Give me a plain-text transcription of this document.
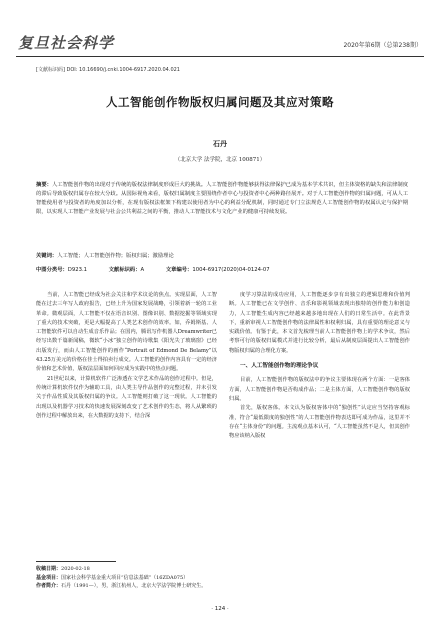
复旦社会科学	2020年第6期（总第238期）
[文献标识码] DOI: 10.16690/j.cnki.1004-6917.2020.04.021
人工智能创作物版权归属问题及其应对策略
石丹
（北京大学 法学院，北京 100871）
摘要：人工智能创作物的出现对于传统的版权法律制度形成巨大的挑战。人工智能创作物能够获得法律保护已成为基本学术共识，但主体资格的缺失和法律制度的滞后导致版权归属存在较大分歧。从国际视角来看，版权归属制度主要围绕作者中心与投资者中心两种路径展开。对于人工智能创作物的归属问题，可从人工智能使用者与投资者的角度加以分析，在现有版权法框架下构建以使用者为中心的利益分配机制，同时通过专门立法规范人工智能创作物的权属认定与保护期限，以实现人工智能产业发展与社会公共利益之间的平衡，推动人工智能技术与文化产业的健康可持续发展。
关键词：人工智能；人工智能创作物；版权归属；激励理论
中图分类号：D923.1	文献标识码：A	文章编号：1004-6917(2020)04-0124-07

当前，人工智能已经成为社会关注和学术议论的焦点。实现层面，人工智能在过去三年写人政府报告，已经上升为国家发展战略，引领着新一轮的工业革命。微观层面，人工智能不仅在语音识别、图像识别、数据挖掘等领域实现了重大的技术突破，更是大幅提高了人类艺术创作的效率。如，乔姆斯基、人工智能软件可以自动生成音乐作品；在国内，腾讯写作机器人Dreamwriter已经写出数千篇新闻稿，微软“小冰”独立创作的诗歌集《阳光失了玻璃窗》已经出版发行，而由人工智能创作的画作“Portrait of Edmond De Belamy”以43.25万美元的价格在佳士得拍卖行成交。人工智能的创作内容具有一定的经济价值和艺术价值，版权法层面如何回应成为实践中的热点问题。

21世纪以来，计算机软件广泛渗透在文学艺术作品的创作过程中。但是，传统计算机软件仅作为辅助工具，由人类主导作品创作的完整过程，并未引发关于作品性质及其版权归属的争议。人工智能则打破了这一现状。人工智能的出现以及机器学习技术的快速发展深刻改变了艺术创作的生态，将人从繁琐的创作过程中解放出来，在大数据的支持下，结合深

度学习算法的成功应用，人工智能逐步享有出独立的逻辑思维和价值判断。人工智能已在文学创作、音乐和影视领域表现出独特的创作能力和创造力，人工智能生成内容已经越来越多地出现在人们的日常生活中。在此背景下，重新审视人工智能创作物的法律属性和权利归属，具有重要的理论意义与实践价值。有鉴于此，本文首先梳理当前人工智能创作物上的学术争议，然后考察可行的版权归属模式并进行比较分析，最后从制度层面提出人工智能创作物版权归属的合理化方案。

一、人工智能创作物的理论争议

目前，人工智能创作物的版权法中的争议主要体现在两个方面：一是客体方面，人工智能创作物是否构成作品；二是主体方面，人工智能创作物的版权归属。

首先，版权客体。本文认为版权客体中的“独创性”认定应当坚持客观标准，符合“最低限度的独创性”的人工智能创作物表达即可成为作品，这里并不存在“主体身份”的问题。主流观点基本认可，“人工智能虽然不是人，但其创作物应该纳入版权

收稿日期：2020-02-18
基金项目：国家社会科学基金重大项目“信息法基础”（16ZDA075）
作者简介：石丹（1991—），男，浙江杭州人，北京大学法学院博士研究生。
· 124 ·
